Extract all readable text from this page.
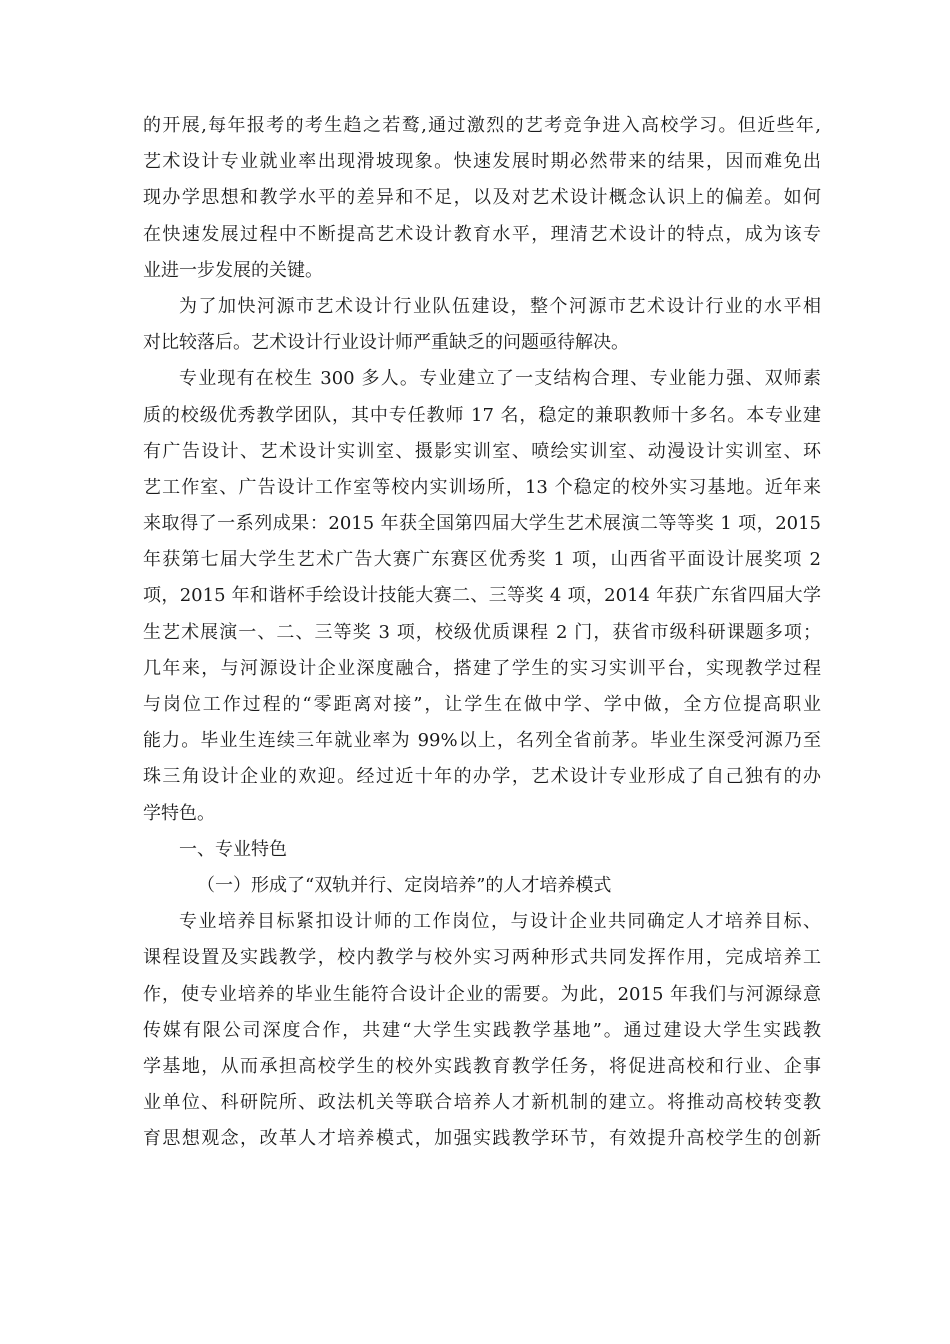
的开展,每年报考的考生趋之若鹜,通过激烈的艺考竞争进入高校学习。但近些年,
艺术设计专业就业率出现滑坡现象。快速发展时期必然带来的结果，因而难免出
现办学思想和教学水平的差异和不足，以及对艺术设计概念认识上的偏差。如何
在快速发展过程中不断提高艺术设计教育水平，理清艺术设计的特点，成为该专
业进一步发展的关键。
为了加快河源市艺术设计行业队伍建设，整个河源市艺术设计行业的水平相
对比较落后。艺术设计行业设计师严重缺乏的问题亟待解决。
专业现有在校生 300 多人。专业建立了一支结构合理、专业能力强、双师素
质的校级优秀教学团队，其中专任教师 17 名，稳定的兼职教师十多名。本专业建
有广告设计、艺术设计实训室、摄影实训室、喷绘实训室、动漫设计实训室、环
艺工作室、广告设计工作室等校内实训场所，13 个稳定的校外实习基地。近年来
来取得了一系列成果：2015 年获全国第四届大学生艺术展演二等等奖 1 项，2015
年获第七届大学生艺术广告大赛广东赛区优秀奖 1 项，山西省平面设计展奖项 2
项，2015 年和谐杯手绘设计技能大赛二、三等奖 4 项，2014 年获广东省四届大学
生艺术展演一、二、三等奖 3 项，校级优质课程 2 门，获省市级科研课题多项；
几年来，与河源设计企业深度融合，搭建了学生的实习实训平台，实现教学过程
与岗位工作过程的“零距离对接”，让学生在做中学、学中做，全方位提高职业
能力。毕业生连续三年就业率为 99%以上，名列全省前茅。毕业生深受河源乃至
珠三角设计企业的欢迎。经过近十年的办学，艺术设计专业形成了自己独有的办
学特色。
一、专业特色
（一）形成了“双轨并行、定岗培养”的人才培养模式
专业培养目标紧扣设计师的工作岗位，与设计企业共同确定人才培养目标、
课程设置及实践教学，校内教学与校外实习两种形式共同发挥作用，完成培养工
作，使专业培养的毕业生能符合设计企业的需要。为此，2015 年我们与河源绿意
传媒有限公司深度合作，共建“大学生实践教学基地”。通过建设大学生实践教
学基地，从而承担高校学生的校外实践教育教学任务，将促进高校和行业、企事
业单位、科研院所、政法机关等联合培养人才新机制的建立。将推动高校转变教
育思想观念，改革人才培养模式，加强实践教学环节，有效提升高校学生的创新
